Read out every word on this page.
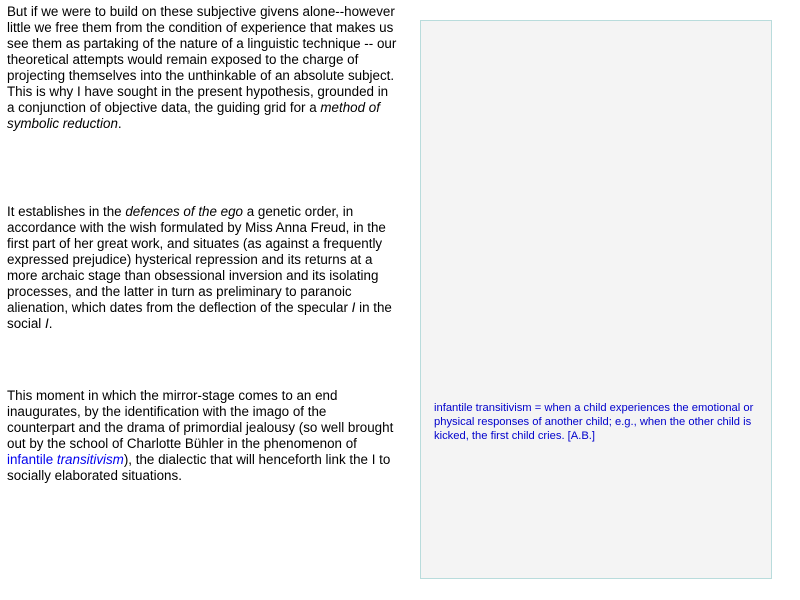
But if we were to build on these subjective givens alone--however little we free them from the condition of experience that makes us see them as partaking of the nature of a linguistic technique -- our theoretical attempts would remain exposed to the charge of projecting themselves into the unthinkable of an absolute subject. This is why I have sought in the present hypothesis, grounded in a conjunction of objective data, the guiding grid for a method of symbolic reduction.

It establishes in the defences of the ego a genetic order, in accordance with the wish formulated by Miss Anna Freud, in the first part of her great work, and situates (as against a frequently expressed prejudice) hysterical repression and its returns at a more archaic stage than obsessional inversion and its isolating processes, and the latter in turn as preliminary to paranoic alienation, which dates from the deflection of the specular I in the social I.

This moment in which the mirror-stage comes to an end inaugurates, by the identification with the imago of the counterpart and the drama of primordial jealousy (so well brought out by the school of Charlotte Bühler in the phenomenon of infantile transitivism), the dialectic that will henceforth link the I to socially elaborated situations.

infantile transitivism = when a child experiences the emotional or physical responses of another child; e.g., when the other child is kicked, the first child cries. [A.B.]
